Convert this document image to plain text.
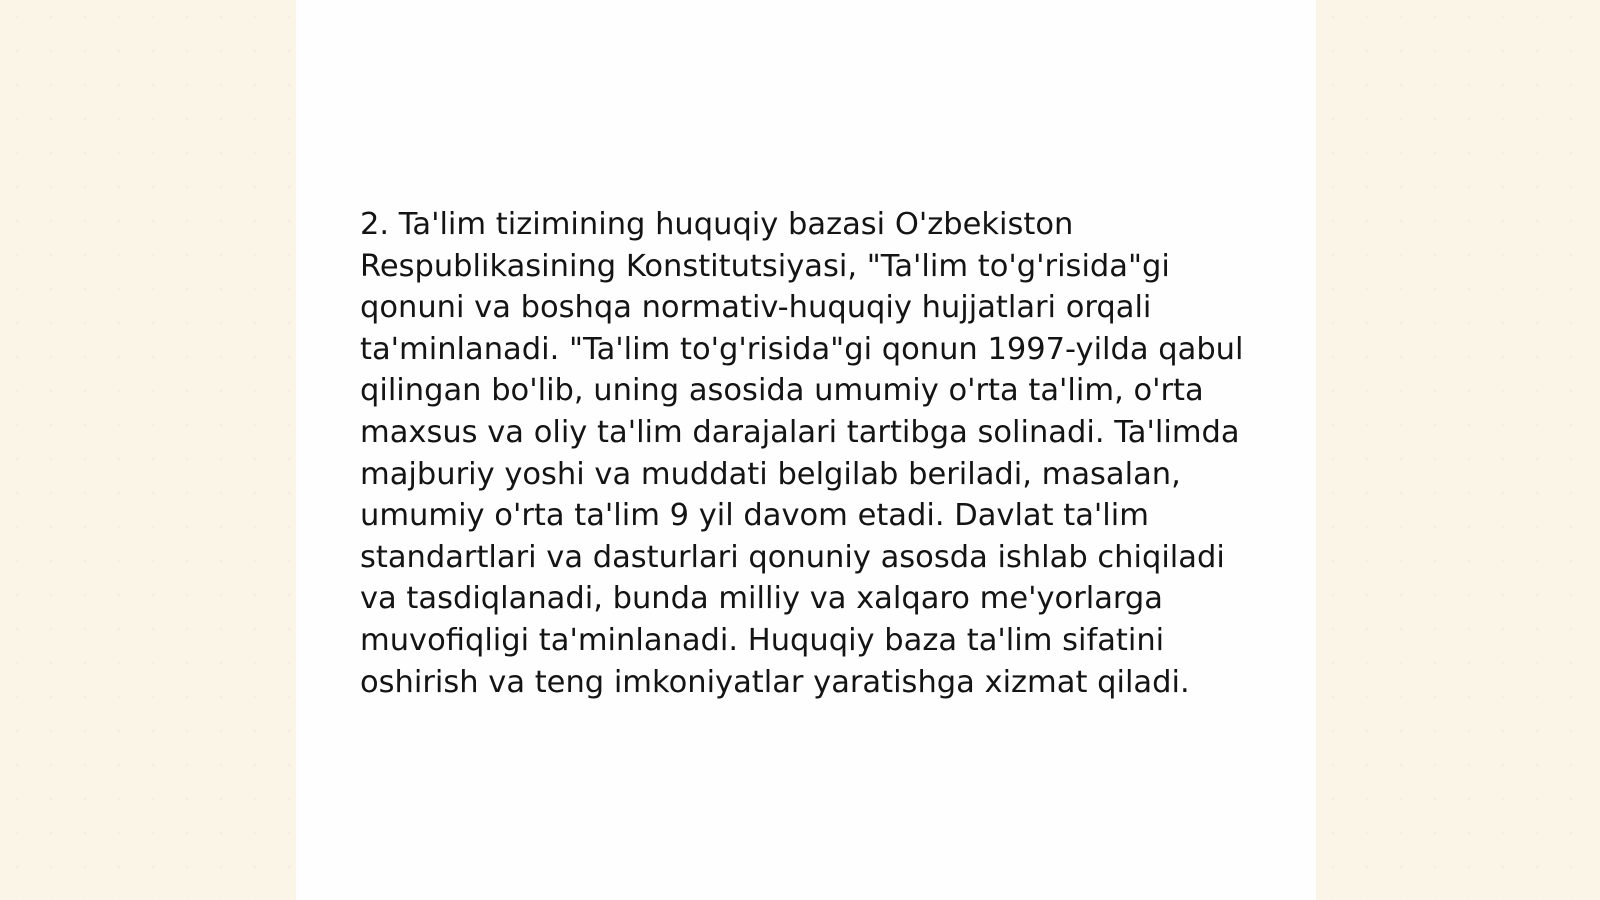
2. Ta'lim tizimining huquqiy bazasi O'zbekiston Respublikasining Konstitutsiyasi, "Ta'lim to'g'risida"gi qonuni va boshqa normativ-huquqiy hujjatlari orqali ta'minlanadi. "Ta'lim to'g'risida"gi qonun 1997-yilda qabul qilingan bo'lib, uning asosida umumiy o'rta ta'lim, o'rta maxsus va oliy ta'lim darajalari tartibga solinadi. Ta'limda majburiy yoshi va muddati belgilab beriladi, masalan, umumiy o'rta ta'lim 9 yil davom etadi. Davlat ta'lim standartlari va dasturlari qonuniy asosda ishlab chiqiladi va tasdiqlanadi, bunda milliy va xalqaro me'yorlarga muvofiqligi ta'minlanadi. Huquqiy baza ta'lim sifatini oshirish va teng imkoniyatlar yaratishga xizmat qiladi.
